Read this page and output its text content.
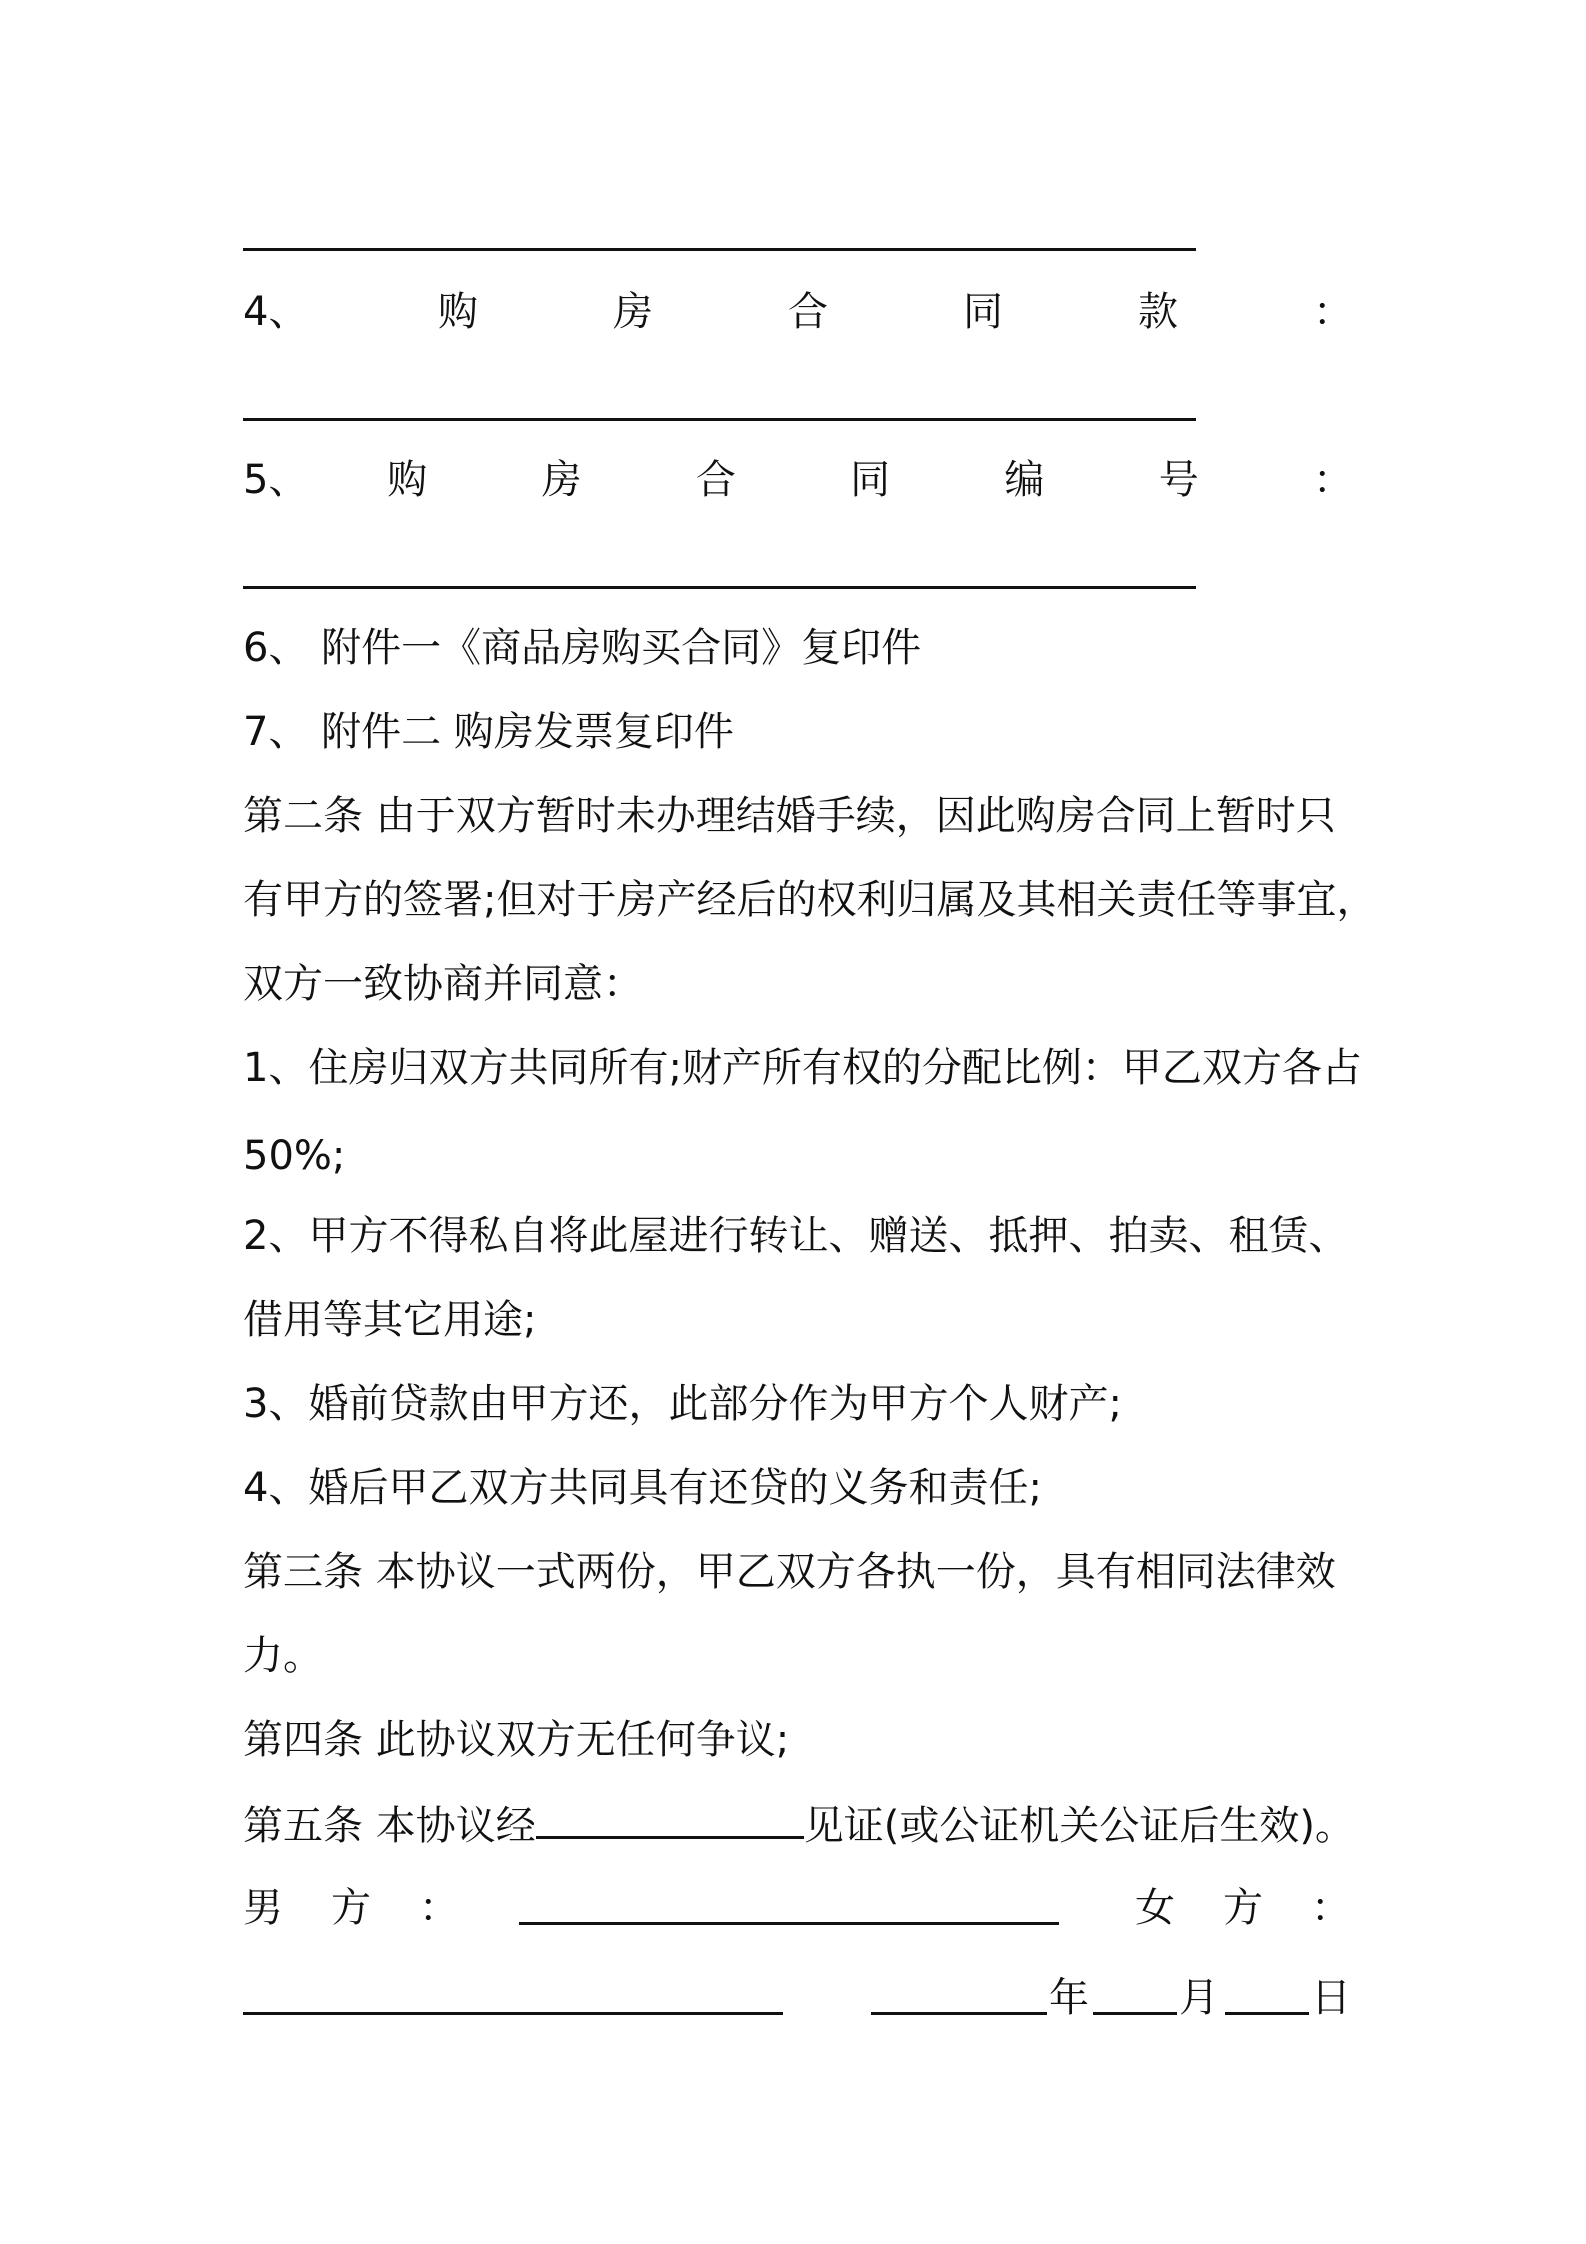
4、	购	房	合	同	款	：
5、	购	房	合	同	编	号	：
6、 附件一《商品房购买合同》复印件
7、 附件二 购房发票复印件
第二条 由于双方暂时未办理结婚手续，因此购房合同上暂时只
有甲方的签署;但对于房产经后的权利归属及其相关责任等事宜，
双方一致协商并同意：
1、住房归双方共同所有;财产所有权的分配比例：甲乙双方各占
50%;
2、甲方不得私自将此屋进行转让、赠送、抵押、拍卖、租赁、
借用等其它用途;
3、婚前贷款由甲方还，此部分作为甲方个人财产;
4、婚后甲乙双方共同具有还贷的义务和责任;
第三条 本协议一式两份，甲乙双方各执一份，具有相同法律效
力。
第四条 此协议双方无任何争议;
第五条 本协议经	见证(或公证机关公证后生效)。
男 方 ：	女 方 ：
年 月 日
